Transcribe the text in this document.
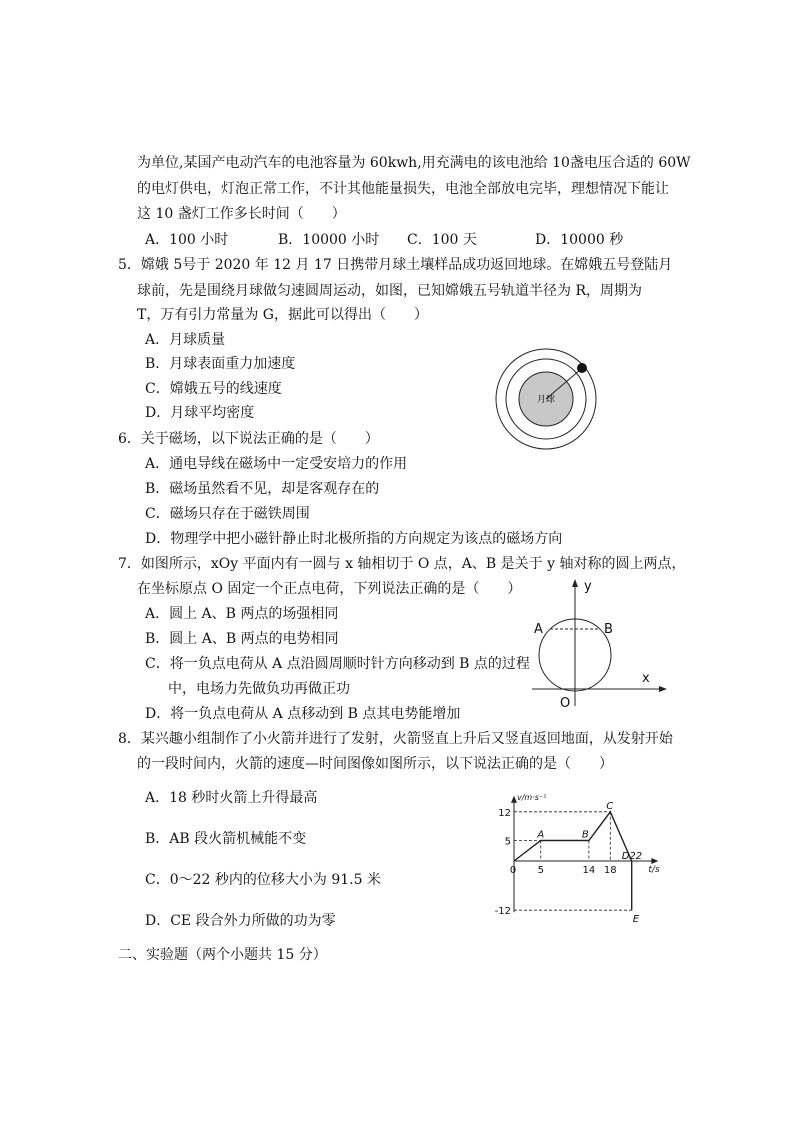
为单位,某国产电动汽车的电池容量为 60kwh,用充满电的该电池给 10盏电压合适的 60W
的电灯供电，灯泡正常工作，不计其他能量损失，电池全部放电完毕，理想情况下能让
这 10 盏灯工作多长时间（　　）
A．100 小时	B．10000 小时 C．100 天	D．10000 秒
5．嫦娥 5号于 2020 年 12 月 17 日携带月球土壤样品成功返回地球。在嫦娥五号登陆月
球前，先是围绕月球做匀速圆周运动，如图，已知嫦娥五号轨道半径为 R，周期为
T，万有引力常量为 G，据此可以得出（　　）
A．月球质量
B．月球表面重力加速度
C．嫦娥五号的线速度
D．月球平均密度
月球
6．关于磁场，以下说法正确的是（　　）
A．通电导线在磁场中一定受安培力的作用
B．磁场虽然看不见，却是客观存在的
C．磁场只存在于磁铁周围
D．物理学中把小磁针静止时北极所指的方向规定为该点的磁场方向
7．如图所示，xOy 平面内有一圆与 x 轴相切于 O 点，A、B 是关于 y 轴对称的圆上两点，
在坐标原点 O 固定一个正点电荷，下列说法正确的是（　　）
A．圆上 A、B 两点的场强相同
B．圆上 A、B 两点的电势相同
C．将一负点电荷从 A 点沿圆周顺时针方向移动到 B 点的过程
中，电场力先做负功再做正功
D．将一负点电荷从 A 点移动到 B 点其电势能增加
y
x
O
A	B
8．某兴趣小组制作了小火箭并进行了发射，火箭竖直上升后又竖直返回地面，从发射开始
的一段时间内，火箭的速度—时间图像如图所示，以下说法正确的是（　　）
A．18 秒时火箭上升得最高
B．AB 段火箭机械能不变
C．0～22 秒内的位移大小为 91.5 米
D．CE 段合外力所做的功为零
v/m·s⁻¹
t/s
12
5
-12
0 5	14 18
A	B
C
D22
E
二、实验题（两个小题共 15 分）
